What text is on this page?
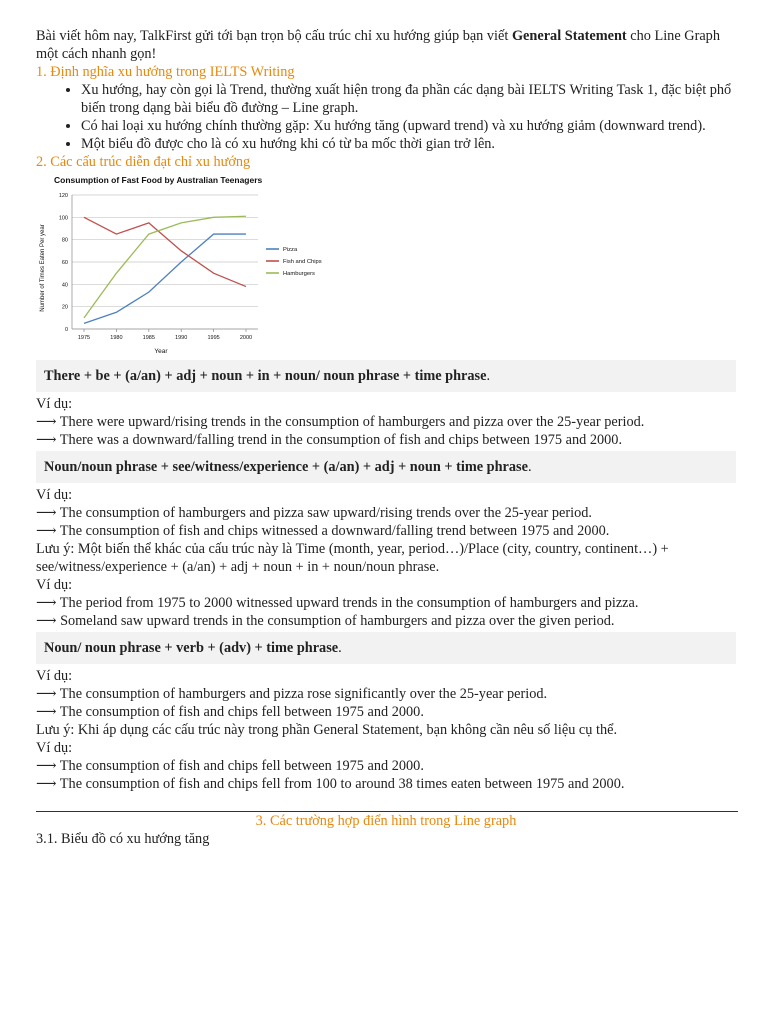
Bài viết hôm nay, TalkFirst gửi tới bạn trọn bộ cấu trúc chỉ xu hướng giúp bạn viết General Statement cho Line Graph một cách nhanh gọn!

1. Định nghĩa xu hướng trong IELTS Writing

• Xu hướng, hay còn gọi là Trend, thường xuất hiện trong đa phần các dạng bài IELTS Writing Task 1, đặc biệt phổ biến trong dạng bài biểu đồ đường – Line graph.
• Có hai loại xu hướng chính thường gặp: Xu hướng tăng (upward trend) và xu hướng giảm (downward trend).
• Một biểu đồ được cho là có xu hướng khi có từ ba mốc thời gian trở lên.

2. Các cấu trúc diễn đạt chỉ xu hướng

Consumption of Fast Food by Australian Teenagers
Number of Times Eaten Per year
Year
0
20
40
60
80
100
120
1975	1980	1985	1990	1995	2000
Pizza
Fish and Chips
Hamburgers
There + be + (a/an) + adj + noun + in + noun/ noun phrase + time phrase.

Ví dụ:

⟶ There were upward/rising trends in the consumption of hamburgers and pizza over the 25-year period.

⟶ There was a downward/falling trend in the consumption of fish and chips between 1975 and 2000.

Noun/noun phrase + see/witness/experience + (a/an) + adj + noun + time phrase.

Ví dụ:

⟶ The consumption of hamburgers and pizza saw upward/rising trends over the 25-year period.

⟶ The consumption of fish and chips witnessed a downward/falling trend between 1975 and 2000.

Lưu ý: Một biến thể khác của cấu trúc này là Time (month, year, period…)/Place (city, country, continent…) + see/witness/experience + (a/an) + adj + noun + in + noun/noun phrase.

Ví dụ:

⟶ The period from 1975 to 2000 witnessed upward trends in the consumption of hamburgers and pizza.

⟶ Someland saw upward trends in the consumption of hamburgers and pizza over the given period.

Noun/ noun phrase + verb + (adv) + time phrase.

Ví dụ:

⟶ The consumption of hamburgers and pizza rose significantly over the 25-year period.

⟶ The consumption of fish and chips fell between 1975 and 2000.

Lưu ý: Khi áp dụng các cấu trúc này trong phần General Statement, bạn không cần nêu số liệu cụ thể.

Ví dụ:

⟶ The consumption of fish and chips fell between 1975 and 2000.

⟶ The consumption of fish and chips fell from 100 to around 38 times eaten between 1975 and 2000.

3. Các trường hợp điển hình trong Line graph

3.1. Biểu đồ có xu hướng tăng
